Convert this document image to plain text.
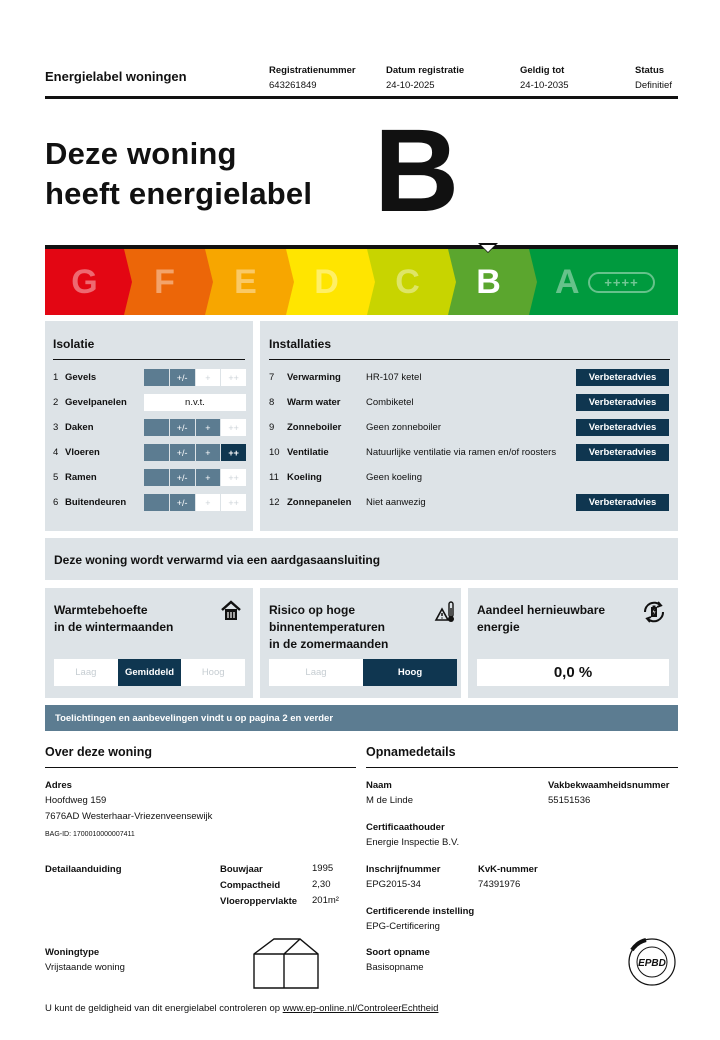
Energielabel woningen	Registratienummer
643261849
Datum registratie
24-10-2025
Geldig tot
24-10-2035
Status
Definitief
Deze woning
heeft energielabel B
G F E D C B A	++++
Isolatie
1 Gevels	+/-	+	++
2 Gevelpanelen	n.v.t.
3 Daken	+/-	+	++
4 Vloeren	+/-	+	++
5 Ramen	+/-	+	++
6 Buitendeuren	+/-	+	++
Installaties
7	Verwarming	HR-107 ketel	Verbeteradvies
8	Warm water	Combiketel	Verbeteradvies
9	Zonneboiler	Geen zonneboiler	Verbeteradvies
10 Ventilatie	Natuurlijke ventilatie via ramen en/of roosters	Verbeteradvies
11 Koeling	Geen koeling
12 Zonnepanelen	Niet aanwezig	Verbeteradvies
Deze woning wordt verwarmd via een aardgasaansluiting
Warmtebehoefte
in de wintermaanden
Laag	Gemiddeld	Hoog
Risico op hoge
binnentemperaturen
in de zomermaanden
Laag	Hoog
Aandeel hernieuwbare
energie
0,0 %
Toelichtingen en aanbevelingen vindt u op pagina 2 en verder
Over deze woning
Adres
Hoofdweg 159
7676AD Westerhaar-Vriezenveensewijk
BAG-ID: 1700010000007411
Detailaanduiding	Bouwjaar	1995
Compactheid	2,30
Vloeroppervlakte 201m²
Woningtype
Vrijstaande woning
Opnamedetails
Naam
M de Linde
Vakbekwaamheidsnummer
55151536
Certificaathouder
Energie Inspectie B.V.
Inschrijfnummer
EPG2015-34
KvK-nummer
74391976
Certificerende instelling
EPG-Certificering
Soort opname
Basisopname	EPBD
U kunt de geldigheid van dit energielabel controleren op www.ep-online.nl/ControleerEchtheid
